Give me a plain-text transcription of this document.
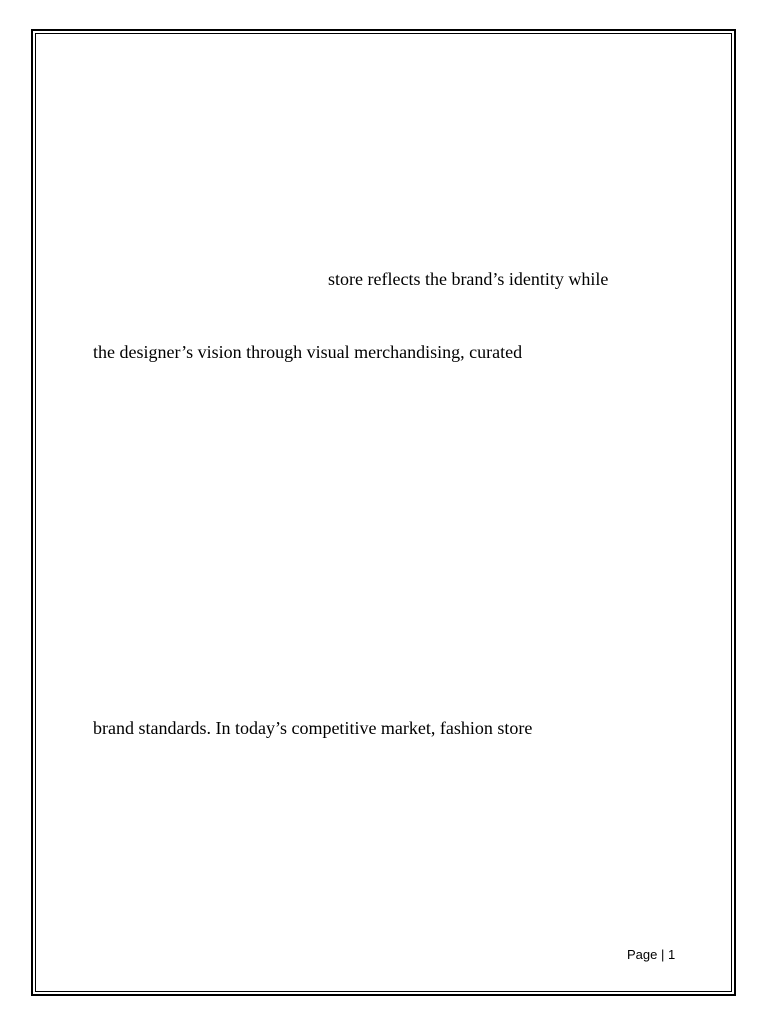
store reflects the brand’s identity while
the designer’s vision through visual merchandising, curated
brand standards. In today’s competitive market, fashion store
Page | 1
